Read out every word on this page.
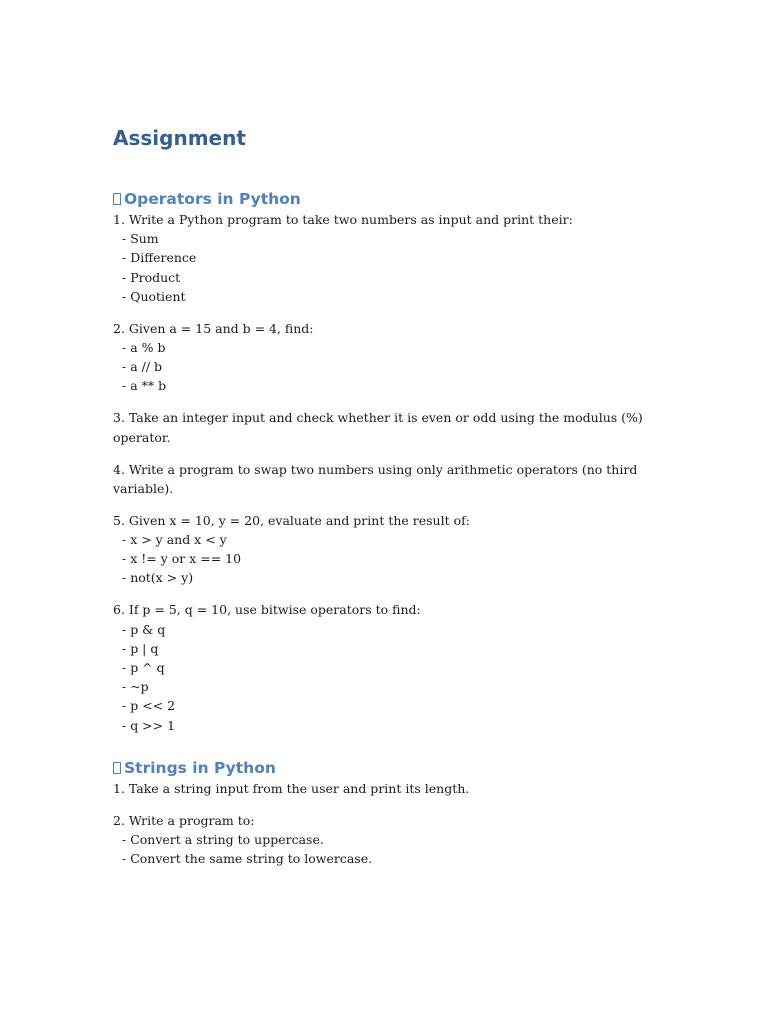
Assignment
Operators in Python
1. Write a Python program to take two numbers as input and print their:
- Sum
- Difference
- Product
- Quotient
2. Given a = 15 and b = 4, find:
- a % b
- a // b
- a ** b
3. Take an integer input and check whether it is even or odd using the modulus (%)
operator.
4. Write a program to swap two numbers using only arithmetic operators (no third
variable).
5. Given x = 10, y = 20, evaluate and print the result of:
- x > y and x < y
- x != y or x == 10
- not(x > y)
6. If p = 5, q = 10, use bitwise operators to find:
- p & q
- p | q
- p ^ q
- ~p
- p << 2
- q >> 1
Strings in Python
1. Take a string input from the user and print its length.
2. Write a program to:
- Convert a string to uppercase.
- Convert the same string to lowercase.
